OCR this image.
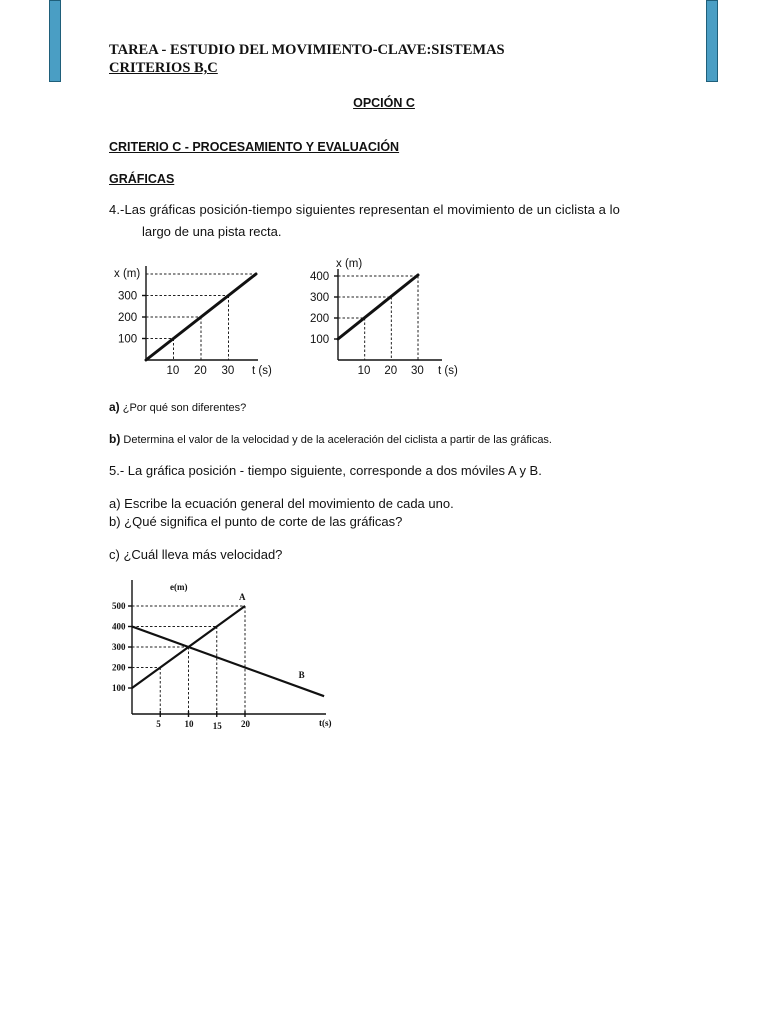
TAREA - ESTUDIO DEL MOVIMIENTO-CLAVE:SISTEMAS
CRITERIOS B,C
OPCIÓN C
CRITERIO C - PROCESAMIENTO Y EVALUACIÓN
GRÁFICAS
4.-Las gráficas posición-tiempo siguientes representan el movimiento de un ciclista a lo
largo de una pista recta.
x (m)
10 20 30
100
200
300
t (s)
x (m)
10 20 30
100
200
300
400
t (s)
a) ¿Por qué son diferentes?
b) Determina el valor de la velocidad y de la aceleración del ciclista a partir de las gráficas.
5.- La gráfica posición - tiempo siguiente, corresponde a dos móviles A y B.
a) Escribe la ecuación general del movimiento de cada uno.
b) ¿Qué significa el punto de corte de las gráficas?
c) ¿Cuál lleva más velocidad?
e(m)
A
B
5	10 15 20
100
200
300
400
500
t(s)
